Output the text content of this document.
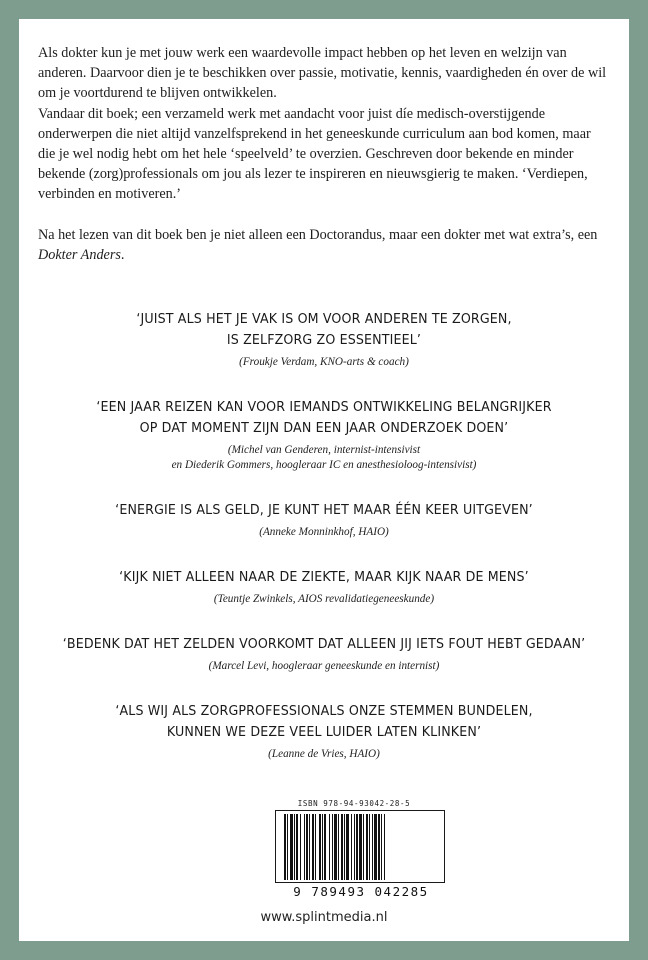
Als dokter kun je met jouw werk een waardevolle impact hebben op het leven en welzijn van anderen. Daarvoor dien je te beschikken over passie, motivatie, kennis, vaardigheden én over de wil om je voortdurend te blijven ontwikkelen.

Vandaar dit boek; een verzameld werk met aandacht voor juist díe medisch-overstijgende onderwerpen die niet altijd vanzelfsprekend in het geneeskunde curriculum aan bod komen, maar die je wel nodig hebt om het hele ‘speelveld’ te overzien. Geschreven door bekende en minder bekende (zorg)professionals om jou als lezer te inspireren en nieuwsgierig te maken. ‘Verdiepen, verbinden en motiveren.’

Na het lezen van dit boek ben je niet alleen een Doctorandus, maar een dokter met wat extra’s, een Dokter Anders.

‘JUIST ALS HET JE VAK IS OM VOOR ANDEREN TE ZORGEN,
IS ZELFZORG ZO ESSENTIEEL’
(Froukje Verdam, KNO-arts & coach)
‘EEN JAAR REIZEN KAN VOOR IEMANDS ONTWIKKELING BELANGRIJKER
OP DAT MOMENT ZIJN DAN EEN JAAR ONDERZOEK DOEN’
(Michel van Genderen, internist-intensivist
en Diederik Gommers, hoogleraar IC en anesthesioloog-intensivist)
‘ENERGIE IS ALS GELD, JE KUNT HET MAAR ÉÉN KEER UITGEVEN’
(Anneke Monninkhof, HAIO)
‘KIJK NIET ALLEEN NAAR DE ZIEKTE, MAAR KIJK NAAR DE MENS’
(Teuntje Zwinkels, AIOS revalidatiegeneeskunde)
‘BEDENK DAT HET ZELDEN VOORKOMT DAT ALLEEN JIJ IETS FOUT HEBT GEDAAN’
(Marcel Levi, hoogleraar geneeskunde en internist)
‘ALS WIJ ALS ZORGPROFESSIONALS ONZE STEMMEN BUNDELEN,
KUNNEN WE DEZE VEEL LUIDER LATEN KLINKEN’
(Leanne de Vries, HAIO)
ISBN 978-94-93042-28-5
9 789493 042285
www.splintmedia.nl
